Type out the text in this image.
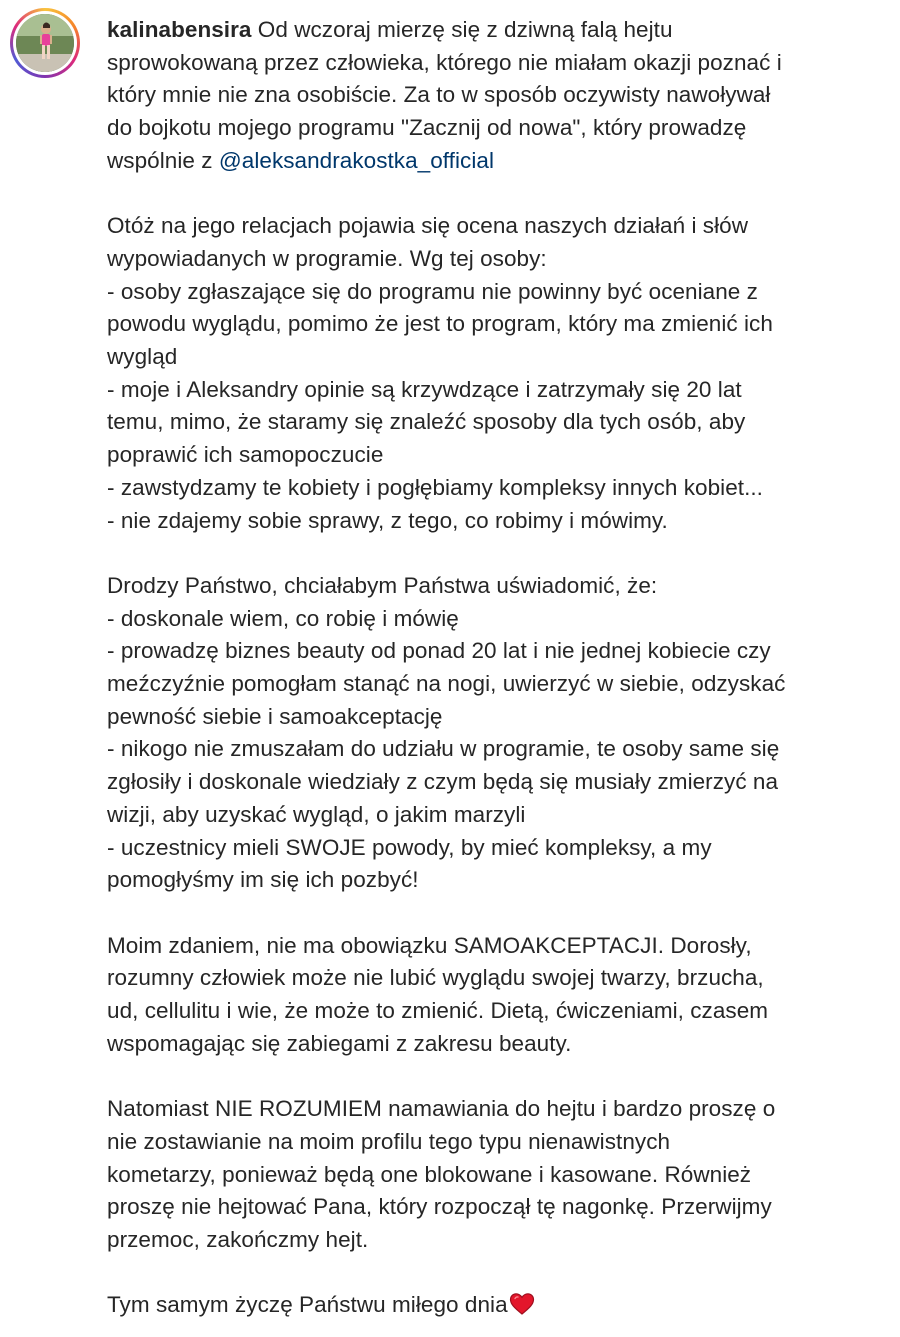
kalinabensira Od wczoraj mierzę się z dziwną falą hejtu
sprowokowaną przez człowieka, którego nie miałam okazji poznać i
który mnie nie zna osobiście. Za to w sposób oczywisty nawoływał
do bojkotu mojego programu "Zacznij od nowa", który prowadzę
wspólnie z @aleksandrakostka_official

Otóż na jego relacjach pojawia się ocena naszych działań i słów
wypowiadanych w programie. Wg tej osoby:
- osoby zgłaszające się do programu nie powinny być oceniane z
powodu wyglądu, pomimo że jest to program, który ma zmienić ich
wygląd
- moje i Aleksandry opinie są krzywdzące i zatrzymały się 20 lat
temu, mimo, że staramy się znaleźć sposoby dla tych osób, aby
poprawić ich samopoczucie
- zawstydzamy te kobiety i pogłębiamy kompleksy innych kobiet...
- nie zdajemy sobie sprawy, z tego, co robimy i mówimy.

Drodzy Państwo, chciałabym Państwa uświadomić, że:
- doskonale wiem, co robię i mówię
- prowadzę biznes beauty od ponad 20 lat i nie jednej kobiecie czy
meźczyźnie pomogłam stanąć na nogi, uwierzyć w siebie, odzyskać
pewność siebie i samoakceptację
- nikogo nie zmuszałam do udziału w programie, te osoby same się
zgłosiły i doskonale wiedziały z czym będą się musiały zmierzyć na
wizji, aby uzyskać wygląd, o jakim marzyli
- uczestnicy mieli SWOJE powody, by mieć kompleksy, a my
pomogłyśmy im się ich pozbyć!

Moim zdaniem, nie ma obowiązku SAMOAKCEPTACJI. Dorosły,
rozumny człowiek może nie lubić wyglądu swojej twarzy, brzucha,
ud, cellulitu i wie, że może to zmienić. Dietą, ćwiczeniami, czasem
wspomagając się zabiegami z zakresu beauty.

Natomiast NIE ROZUMIEM namawiania do hejtu i bardzo proszę o
nie zostawianie na moim profilu tego typu nienawistnych
kometarzy, ponieważ będą one blokowane i kasowane. Również
proszę nie hejtować Pana, który rozpoczął tę nagonkę. Przerwijmy
przemoc, zakończmy hejt.

Tym samym życzę Państwu miłego dnia
